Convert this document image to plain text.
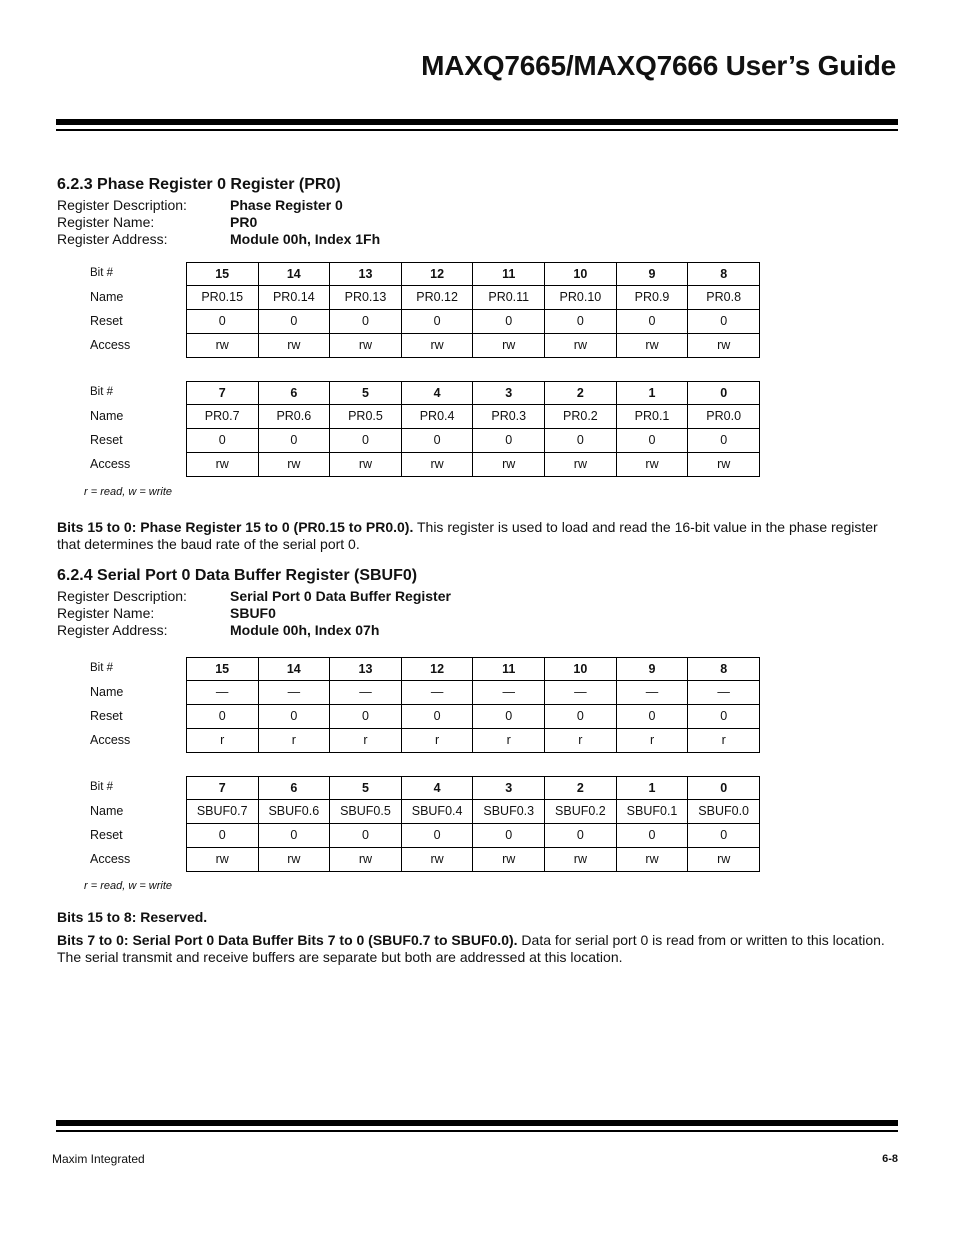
MAXQ7665/MAXQ7666 User’s Guide
6.2.3 Phase Register 0 Register (PR0)
Register Description:	Phase Register 0
Register Name:	PR0
Register Address:	Module 00h, Index 1Fh
Bit #	15	14	13	12	11	10	9	8
Name	PR0.15	PR0.14	PR0.13	PR0.12	PR0.11	PR0.10	PR0.9	PR0.8
Reset	0	0	0	0	0	0	0	0
Access	rw	rw	rw	rw	rw	rw	rw	rw
Bit #	7	6	5	4	3	2	1	0
Name	PR0.7	PR0.6	PR0.5	PR0.4	PR0.3	PR0.2	PR0.1	PR0.0
Reset	0	0	0	0	0	0	0	0
Access	rw	rw	rw	rw	rw	rw	rw	rw
r = read, w = write

Bits 15 to 0: Phase Register 15 to 0 (PR0.15 to PR0.0). This register is used to load and read the 16-bit value in the phase register that determines the baud rate of the serial port 0.

6.2.4 Serial Port 0 Data Buffer Register (SBUF0)
Register Description:	Serial Port 0 Data Buffer Register
Register Name:	SBUF0
Register Address:	Module 00h, Index 07h
Bit #	15	14	13	12	11	10	9	8
Name	—	—	—	—	—	—	—	—
Reset	0	0	0	0	0	0	0	0
Access	r	r	r	r	r	r	r	r
Bit #	7	6	5	4	3	2	1	0
Name	SBUF0.7	SBUF0.6	SBUF0.5	SBUF0.4	SBUF0.3	SBUF0.2	SBUF0.1	SBUF0.0
Reset	0	0	0	0	0	0	0	0
Access	rw	rw	rw	rw	rw	rw	rw	rw
r = read, w = write

Bits 15 to 8: Reserved.

Bits 7 to 0: Serial Port 0 Data Buffer Bits 7 to 0 (SBUF0.7 to SBUF0.0). Data for serial port 0 is read from or written to this location. The serial transmit and receive buffers are separate but both are addressed at this location.

Maxim Integrated	6-8
